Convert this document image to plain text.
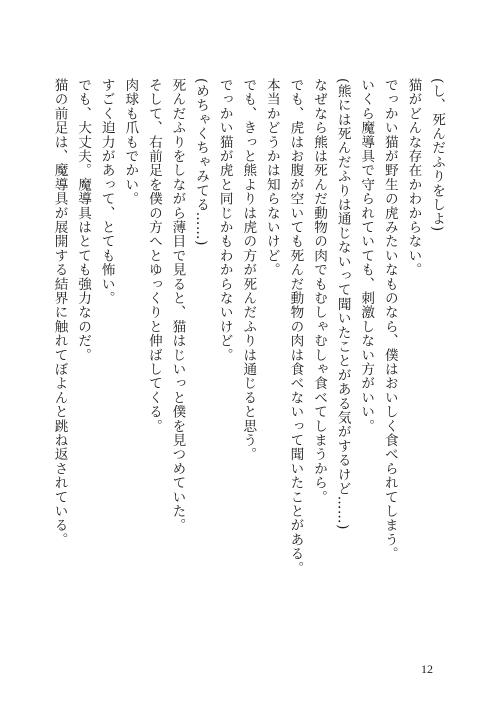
(し、死んだふりをしよ)
猫がどんな存在かわからない。
でっかい猫が野生の虎みたいなものなら、僕はおいしく食べられてしまう。
いくら魔導具で守られていても、刺激しない方がいい。
(熊には死んだふりは通じないって聞いたことがある気がするけど……)
なぜなら熊は死んだ動物の肉でもむしゃむしゃ食べてしまうから。
でも、虎はお腹が空いても死んだ動物の肉は食べないって聞いたことがある。
本当かどうかは知らないけど。
でも、きっと熊よりは虎の方が死んだふりは通じると思う。
でっかい猫が虎と同じかもわからないけど。
(めちゃくちゃみてる……)
死んだふりをしながら薄目で見ると、猫はじいっと僕を見つめていた。
そして、右前足を僕の方へとゆっくりと伸ばしてくる。
肉球も爪もでかい。
すごく迫力があって、とても怖い。
でも、大丈夫。魔導具はとても強力なのだ。
猫の前足は、魔導具が展開する結界に触れてぼよんと跳ね返されている。
12
